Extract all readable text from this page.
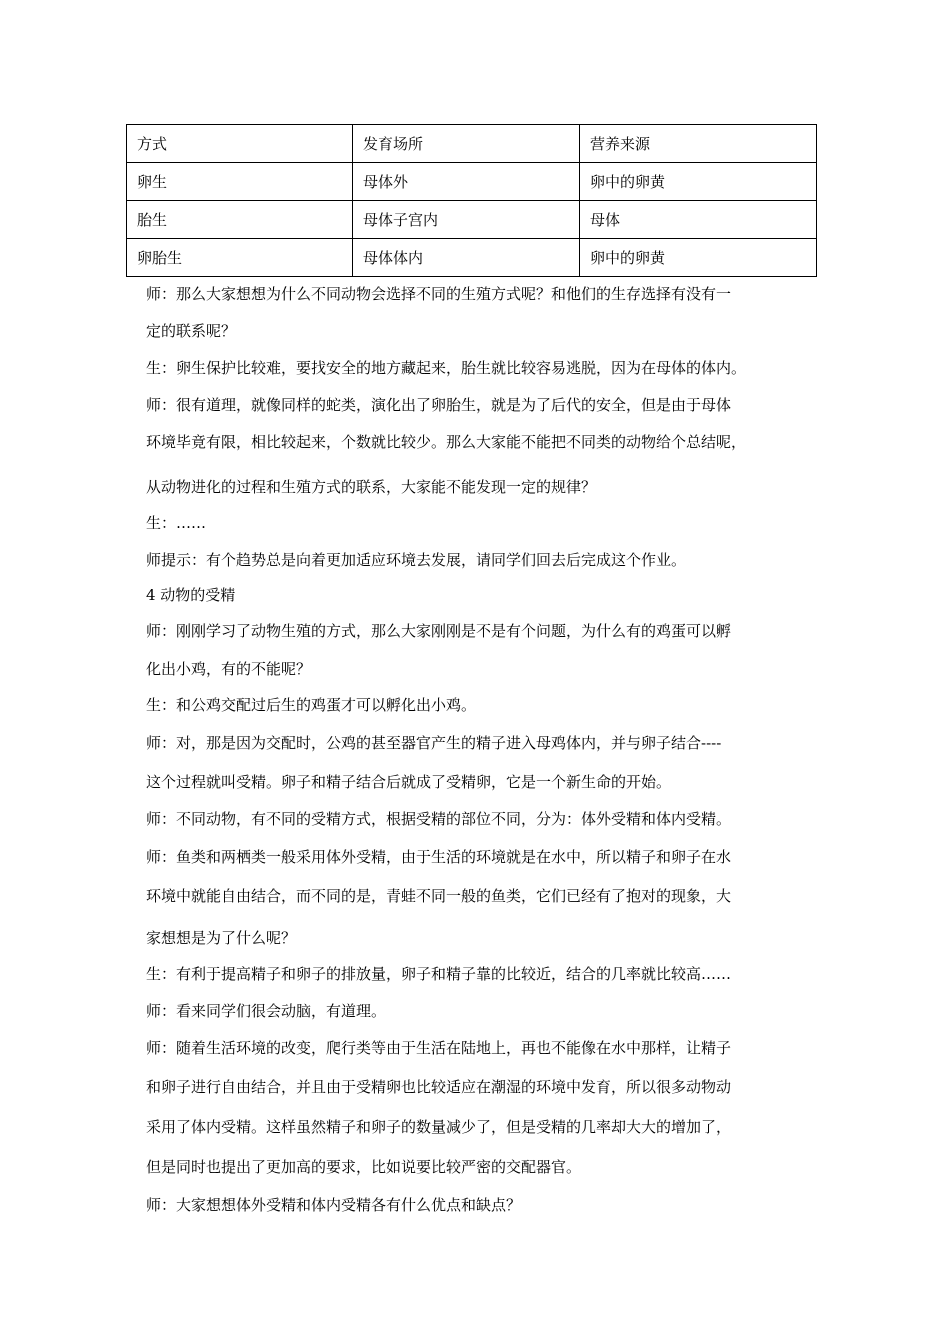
方式	发育场所	营养来源
卵生	母体外	卵中的卵黄
胎生	母体子宫内	母体
卵胎生	母体体内	卵中的卵黄

师：那么大家想想为什么不同动物会选择不同的生殖方式呢？和他们的生存选择有没有一

定的联系呢？

生：卵生保护比较难，要找安全的地方藏起来，胎生就比较容易逃脱，因为在母体的体内。

师：很有道理，就像同样的蛇类，演化出了卵胎生，就是为了后代的安全，但是由于母体

环境毕竟有限，相比较起来，个数就比较少。那么大家能不能把不同类的动物给个总结呢，

从动物进化的过程和生殖方式的联系，大家能不能发现一定的规律？

生：……

师提示：有个趋势总是向着更加适应环境去发展，请同学们回去后完成这个作业。

4 动物的受精

师：刚刚学习了动物生殖的方式，那么大家刚刚是不是有个问题，为什么有的鸡蛋可以孵

化出小鸡，有的不能呢？

生：和公鸡交配过后生的鸡蛋才可以孵化出小鸡。

师：对，那是因为交配时，公鸡的甚至器官产生的精子进入母鸡体内，并与卵子结合----

这个过程就叫受精。卵子和精子结合后就成了受精卵，它是一个新生命的开始。

师：不同动物，有不同的受精方式，根据受精的部位不同，分为：体外受精和体内受精。

师：鱼类和两栖类一般采用体外受精，由于生活的环境就是在水中，所以精子和卵子在水

环境中就能自由结合，而不同的是，青蛙不同一般的鱼类，它们已经有了抱对的现象，大

家想想是为了什么呢？

生：有利于提高精子和卵子的排放量，卵子和精子靠的比较近，结合的几率就比较高……

师：看来同学们很会动脑，有道理。

师：随着生活环境的改变，爬行类等由于生活在陆地上，再也不能像在水中那样，让精子

和卵子进行自由结合，并且由于受精卵也比较适应在潮湿的环境中发育，所以很多动物动

采用了体内受精。这样虽然精子和卵子的数量减少了，但是受精的几率却大大的增加了，

但是同时也提出了更加高的要求，比如说要比较严密的交配器官。

师：大家想想体外受精和体内受精各有什么优点和缺点？
